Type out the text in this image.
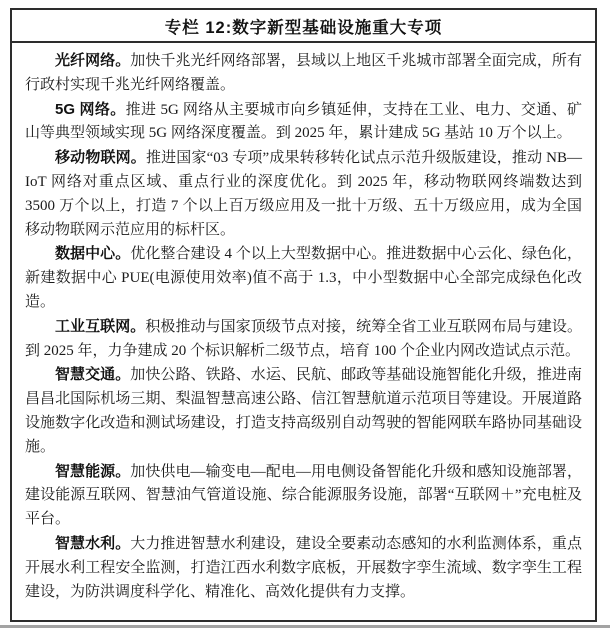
专栏 12:数字新型基础设施重大专项

光纤网络。加快千兆光纤网络部署，县域以上地区千兆城市部署全面完成，所有行政村实现千兆光纤网络覆盖。

5G 网络。推进 5G 网络从主要城市向乡镇延伸，支持在工业、电力、交通、矿山等典型领域实现 5G 网络深度覆盖。到 2025 年，累计建成 5G 基站 10 万个以上。

移动物联网。推进国家“03 专项”成果转移转化试点示范升级版建设，推动 NB—IoT 网络对重点区域、重点行业的深度优化。到 2025 年，移动物联网终端数达到 3500 万个以上，打造 7 个以上百万级应用及一批十万级、五十万级应用，成为全国移动物联网示范应用的标杆区。

数据中心。优化整合建设 4 个以上大型数据中心。推进数据中心云化、绿色化，新建数据中心 PUE(电源使用效率)值不高于 1.3，中小型数据中心全部完成绿色化改造。

工业互联网。积极推动与国家顶级节点对接，统筹全省工业互联网布局与建设。到 2025 年，力争建成 20 个标识解析二级节点，培育 100 个企业内网改造试点示范。

智慧交通。加快公路、铁路、水运、民航、邮政等基础设施智能化升级，推进南昌昌北国际机场三期、梨温智慧高速公路、信江智慧航道示范项目等建设。开展道路设施数字化改造和测试场建设，打造支持高级别自动驾驶的智能网联车路协同基础设施。

智慧能源。加快供电—输变电—配电—用电侧设备智能化升级和感知设施部署，建设能源互联网、智慧油气管道设施、综合能源服务设施，部署“互联网＋”充电桩及平台。

智慧水利。大力推进智慧水利建设，建设全要素动态感知的水利监测体系，重点开展水利工程安全监测，打造江西水利数字底板，开展数字孪生流域、数字孪生工程建设，为防洪调度科学化、精准化、高效化提供有力支撑。
